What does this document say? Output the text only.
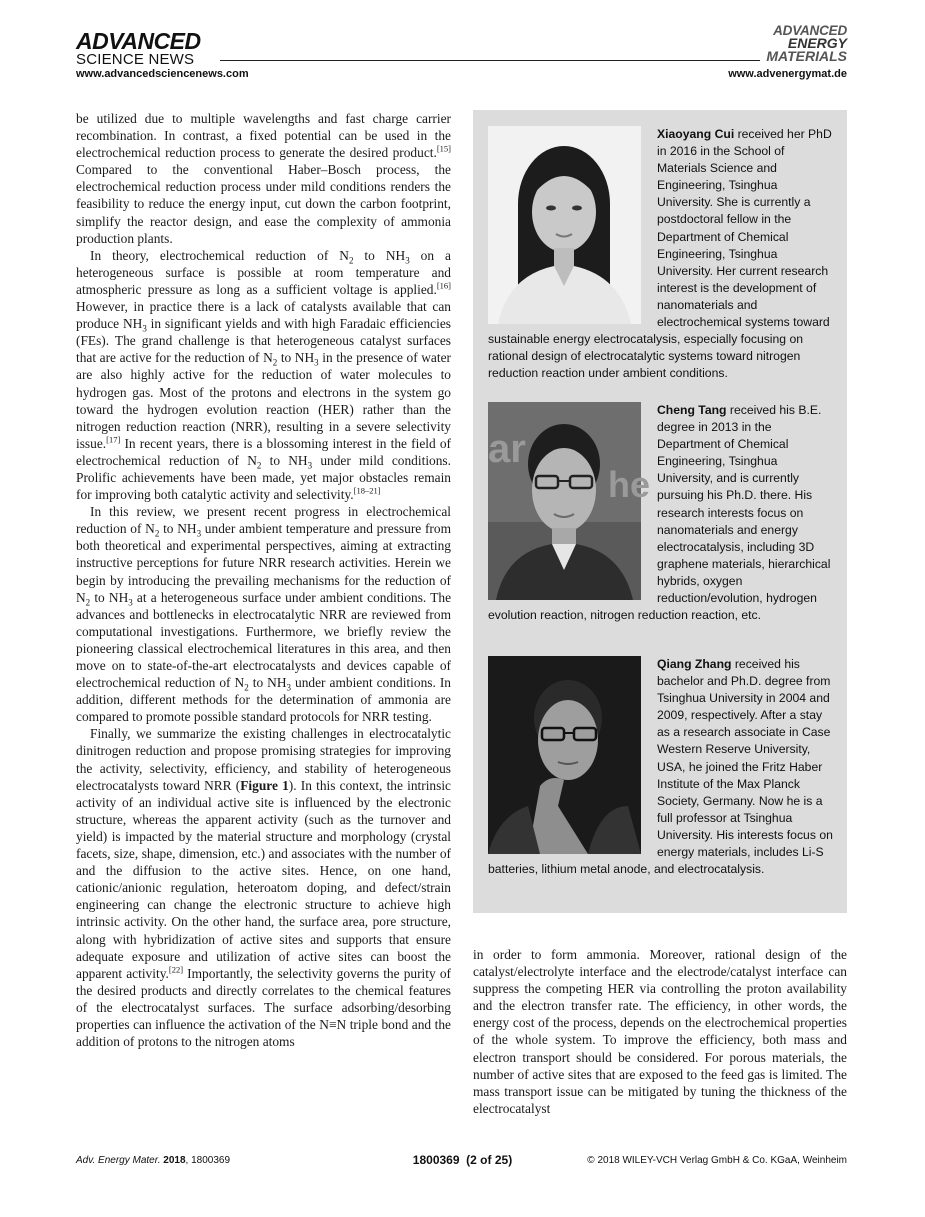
ADVANCED
SCIENCE NEWS
ADVANCED
ENERGY
MATERIALS
www.advancedsciencenews.com	www.advenergymat.de

be utilized due to multiple wavelengths and fast charge carrier recombination. In contrast, a fixed potential can be used in the electrochemical reduction process to generate the desired product.[15] Compared to the conventional Haber–Bosch process, the electrochemical reduction process under mild conditions renders the feasibility to reduce the energy input, cut down the carbon footprint, simplify the reactor design, and ease the complexity of ammonia production plants.

In theory, electrochemical reduction of $N_2$ to $NH_3$ on a heterogeneous surface is possible at room temperature and atmospheric pressure as long as a sufficient voltage is applied.[16] However, in practice there is a lack of catalysts available that can produce $NH_3$ in significant yields and with high Faradaic efficiencies (FEs). The grand challenge is that heterogeneous catalyst surfaces that are active for the reduction of $N_2$ to $NH_3$ in the presence of water are also highly active for the reduction of water molecules to hydrogen gas. Most of the protons and electrons in the system go toward the hydrogen evolution reaction (HER) rather than the nitrogen reduction reaction (NRR), resulting in a severe selectivity issue.[17] In recent years, there is a blossoming interest in the field of electrochemical reduction of $N_2$ to $NH_3$ under mild conditions. Prolific achievements have been made, yet major obstacles remain for improving both catalytic activity and selectivity.[18–21]

In this review, we present recent progress in electrochemical reduction of $N_2$ to $NH_3$ under ambient temperature and pressure from both theoretical and experimental perspectives, aiming at extracting instructive perceptions for future NRR research activities. Herein we begin by introducing the prevailing mechanisms for the reduction of $N_2$ to $NH_3$ at a heterogeneous surface under ambient conditions. The advances and bottlenecks in electrocatalytic NRR are reviewed from computational investigations. Furthermore, we briefly review the pioneering classical electrochemical literatures in this area, and then move on to state-of-the-art electrocatalysts and devices capable of electrochemical reduction of $N_2$ to $NH_3$ under ambient conditions. In addition, different methods for the determination of ammonia are compared to promote possible standard protocols for NRR testing.

Finally, we summarize the existing challenges in electrocatalytic dinitrogen reduction and propose promising strategies for improving the activity, selectivity, efficiency, and stability of heterogeneous electrocatalysts toward NRR (Figure 1). In this context, the intrinsic activity of an individual active site is influenced by the electronic structure, whereas the apparent activity (such as the turnover and yield) is impacted by the material structure and morphology (crystal facets, size, shape, dimension, etc.) and associates with the number of and the diffusion to the active sites. Hence, on one hand, cationic/anionic regulation, heteroatom doping, and defect/strain engineering can change the electronic structure to achieve high intrinsic activity. On the other hand, the surface area, pore structure, along with hybridization of active sites and supports that ensure adequate exposure and utilization of active sites can boost the apparent activity.[22] Importantly, the selectivity governs the purity of the desired products and directly correlates to the chemical features of the electrocatalyst surfaces. The surface adsorbing/desorbing properties can influence the activation of the N≡N triple bond and the addition of protons to the nitrogen atoms

Xiaoyang Cui received her PhD in 2016 in the School of Materials Science and Engineering, Tsinghua University. She is currently a postdoctoral fellow in the Department of Chemical Engineering, Tsinghua University. Her current research interest is the development of nanomaterials and electrochemical systems toward sustainable energy electrocatalysis, especially focusing on rational design of electrocatalytic systems toward nitrogen reduction reaction under ambient conditions.

ar
he

Cheng Tang received his B.E. degree in 2013 in the Department of Chemical Engineering, Tsinghua University, and is currently pursuing his Ph.D. there. His research interests focus on nanomaterials and energy electrocatalysis, including 3D graphene materials, hierarchical hybrids, oxygen reduction/evolution, hydrogen evolution reaction, nitrogen reduction reaction, etc.

Qiang Zhang received his bachelor and Ph.D. degree from Tsinghua University in 2004 and 2009, respectively. After a stay as a research associate in Case Western Reserve University, USA, he joined the Fritz Haber Institute of the Max Planck Society, Germany. Now he is a full professor at Tsinghua University. His interests focus on energy materials, includes Li-S batteries, lithium metal anode, and electrocatalysis.

in order to form ammonia. Moreover, rational design of the catalyst/electrolyte interface and the electrode/catalyst interface can suppress the competing HER via controlling the proton availability and the electron transfer rate. The efficiency, in other words, the energy cost of the process, depends on the electrochemical properties of the whole system. To improve the efficiency, both mass and electron transport should be considered. For porous materials, the number of active sites that are exposed to the feed gas is limited. The mass transport issue can be mitigated by tuning the thickness of the electrocatalyst

Adv. Energy Mater. 2018, 1800369	1800369  (2 of 25)	© 2018 WILEY-VCH Verlag GmbH & Co. KGaA, Weinheim
